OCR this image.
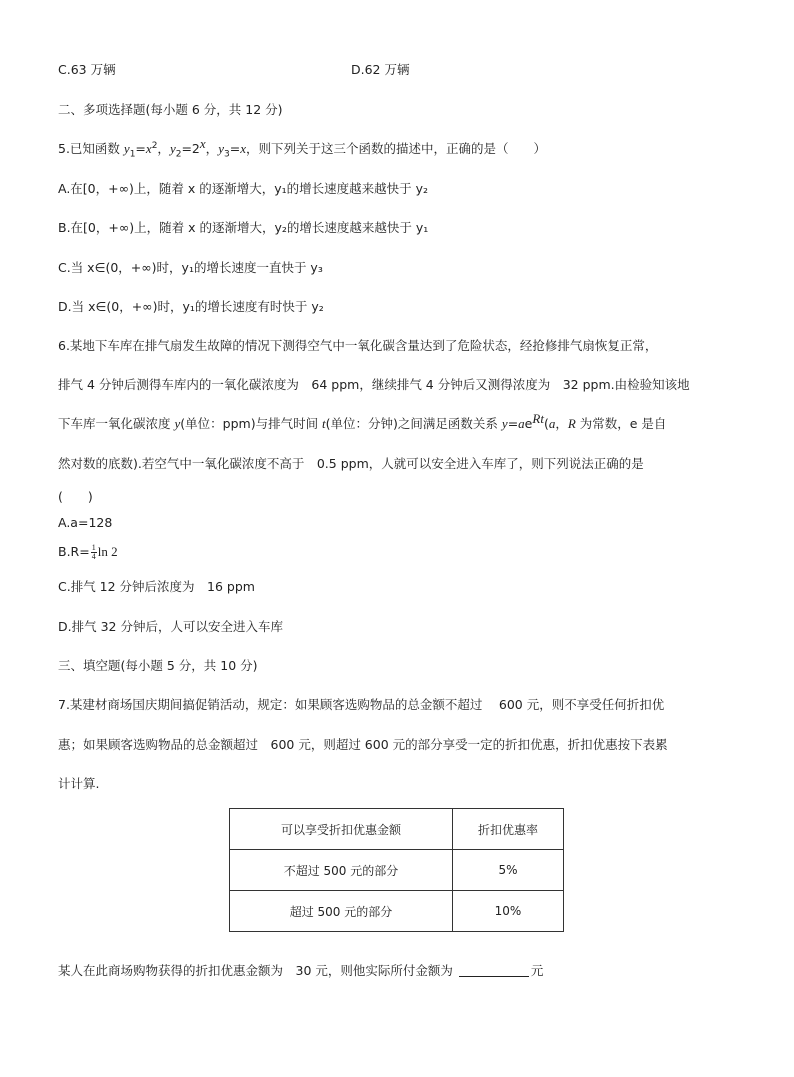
C.63 万辆	D.62 万辆
二、多项选择题(每小题 6 分，共 12 分)
5.已知函数 $y_1=x^2$，$y_2=2^x$，$y_3=x$，则下列关于这三个函数的描述中，正确的是（　　）
A.在[0，+∞)上，随着 x 的逐渐增大，y₁的增长速度越来越快于 y₂
B.在[0，+∞)上，随着 x 的逐渐增大，y₂的增长速度越来越快于 y₁
C.当 x∈(0，+∞)时，y₁的增长速度一直快于 y₃
D.当 x∈(0，+∞)时，y₁的增长速度有时快于 y₂
6.某地下车库在排气扇发生故障的情况下测得空气中一氧化碳含量达到了危险状态，经抢修排气扇恢复正常，
排气 4 分钟后测得车库内的一氧化碳浓度为　64 ppm，继续排气 4 分钟后又测得浓度为　32 ppm.由检验知该地
下车库一氧化碳浓度 y(单位：ppm)与排气时间 t(单位：分钟)之间满足函数关系 $y=ae^{Rt}(a$，R 为常数，e 是自
然对数的底数).若空气中一氧化碳浓度不高于　0.5 ppm，人就可以安全进入车库了，则下列说法正确的是
(　　)
A.a=128
$B.R= \frac{1}{4}$ ln 2
C.排气 12 分钟后浓度为　16 ppm
D.排气 32 分钟后，人可以安全进入车库
三、填空题(每小题 5 分，共 10 分)
7.某建材商场国庆期间搞促销活动，规定：如果顾客选购物品的总金额不超过　 600 元，则不享受任何折扣优
惠；如果顾客选购物品的总金额超过　600 元，则超过 600 元的部分享受一定的折扣优惠，折扣优惠按下表累
计计算.
可以享受折扣优惠金额	折扣优惠率
不超过 500 元的部分	5%
超过 500 元的部分	10%
某人在此商场购物获得的折扣优惠金额为　30 元，则他实际所付金额为	元
